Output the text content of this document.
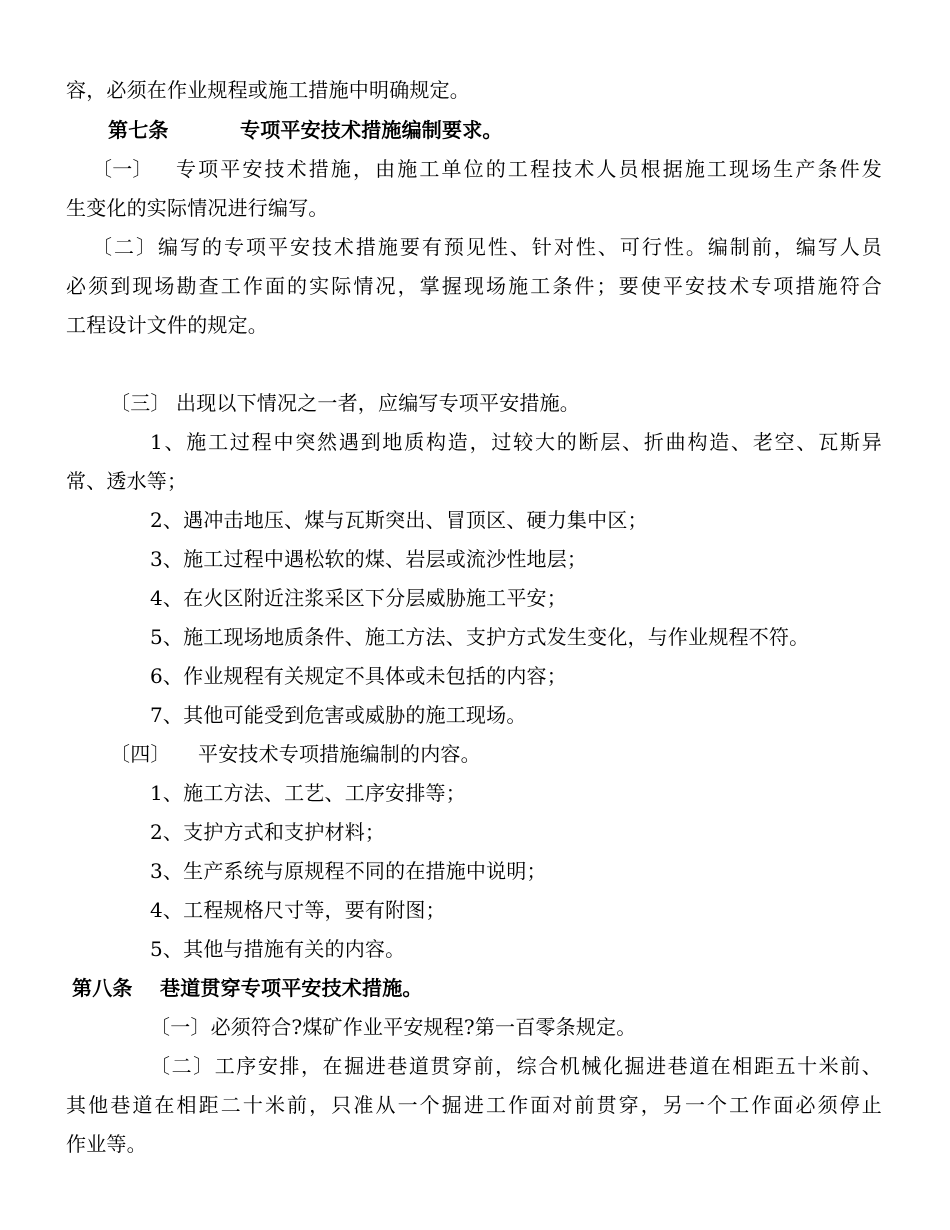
容，必须在作业规程或施工措施中明确规定。
第七条	专项平安技术措施编制要求。
〔一〕 专项平安技术措施，由施工单位的工程技术人员根据施工现场生产条件发
生变化的实际情况进行编写。
〔二〕编写的专项平安技术措施要有预见性、针对性、可行性。编制前，编写人员
必须到现场勘查工作面的实际情况，掌握现场施工条件；要使平安技术专项措施符合
工程设计文件的规定。
〔三〕 出现以下情况之一者，应编写专项平安措施。
1、施工过程中突然遇到地质构造，过较大的断层、折曲构造、老空、瓦斯异
常、透水等；
2、遇冲击地压、煤与瓦斯突出、冒顶区、硬力集中区；
3、施工过程中遇松软的煤、岩层或流沙性地层；
4、在火区附近注浆采区下分层威胁施工平安；
5、施工现场地质条件、施工方法、支护方式发生变化，与作业规程不符。
6、作业规程有关规定不具体或未包括的内容；
7、其他可能受到危害或威胁的施工现场。
〔四〕 平安技术专项措施编制的内容。
1、施工方法、工艺、工序安排等；
2、支护方式和支护材料；
3、生产系统与原规程不同的在措施中说明；
4、工程规格尺寸等，要有附图；
5、其他与措施有关的内容。
第八条 巷道贯穿专项平安技术措施。
〔一〕必须符合?煤矿作业平安规程?第一百零条规定。
〔二〕工序安排，在掘进巷道贯穿前，综合机械化掘进巷道在相距五十米前、
其他巷道在相距二十米前，只准从一个掘进工作面对前贯穿，另一个工作面必须停止
作业等。
